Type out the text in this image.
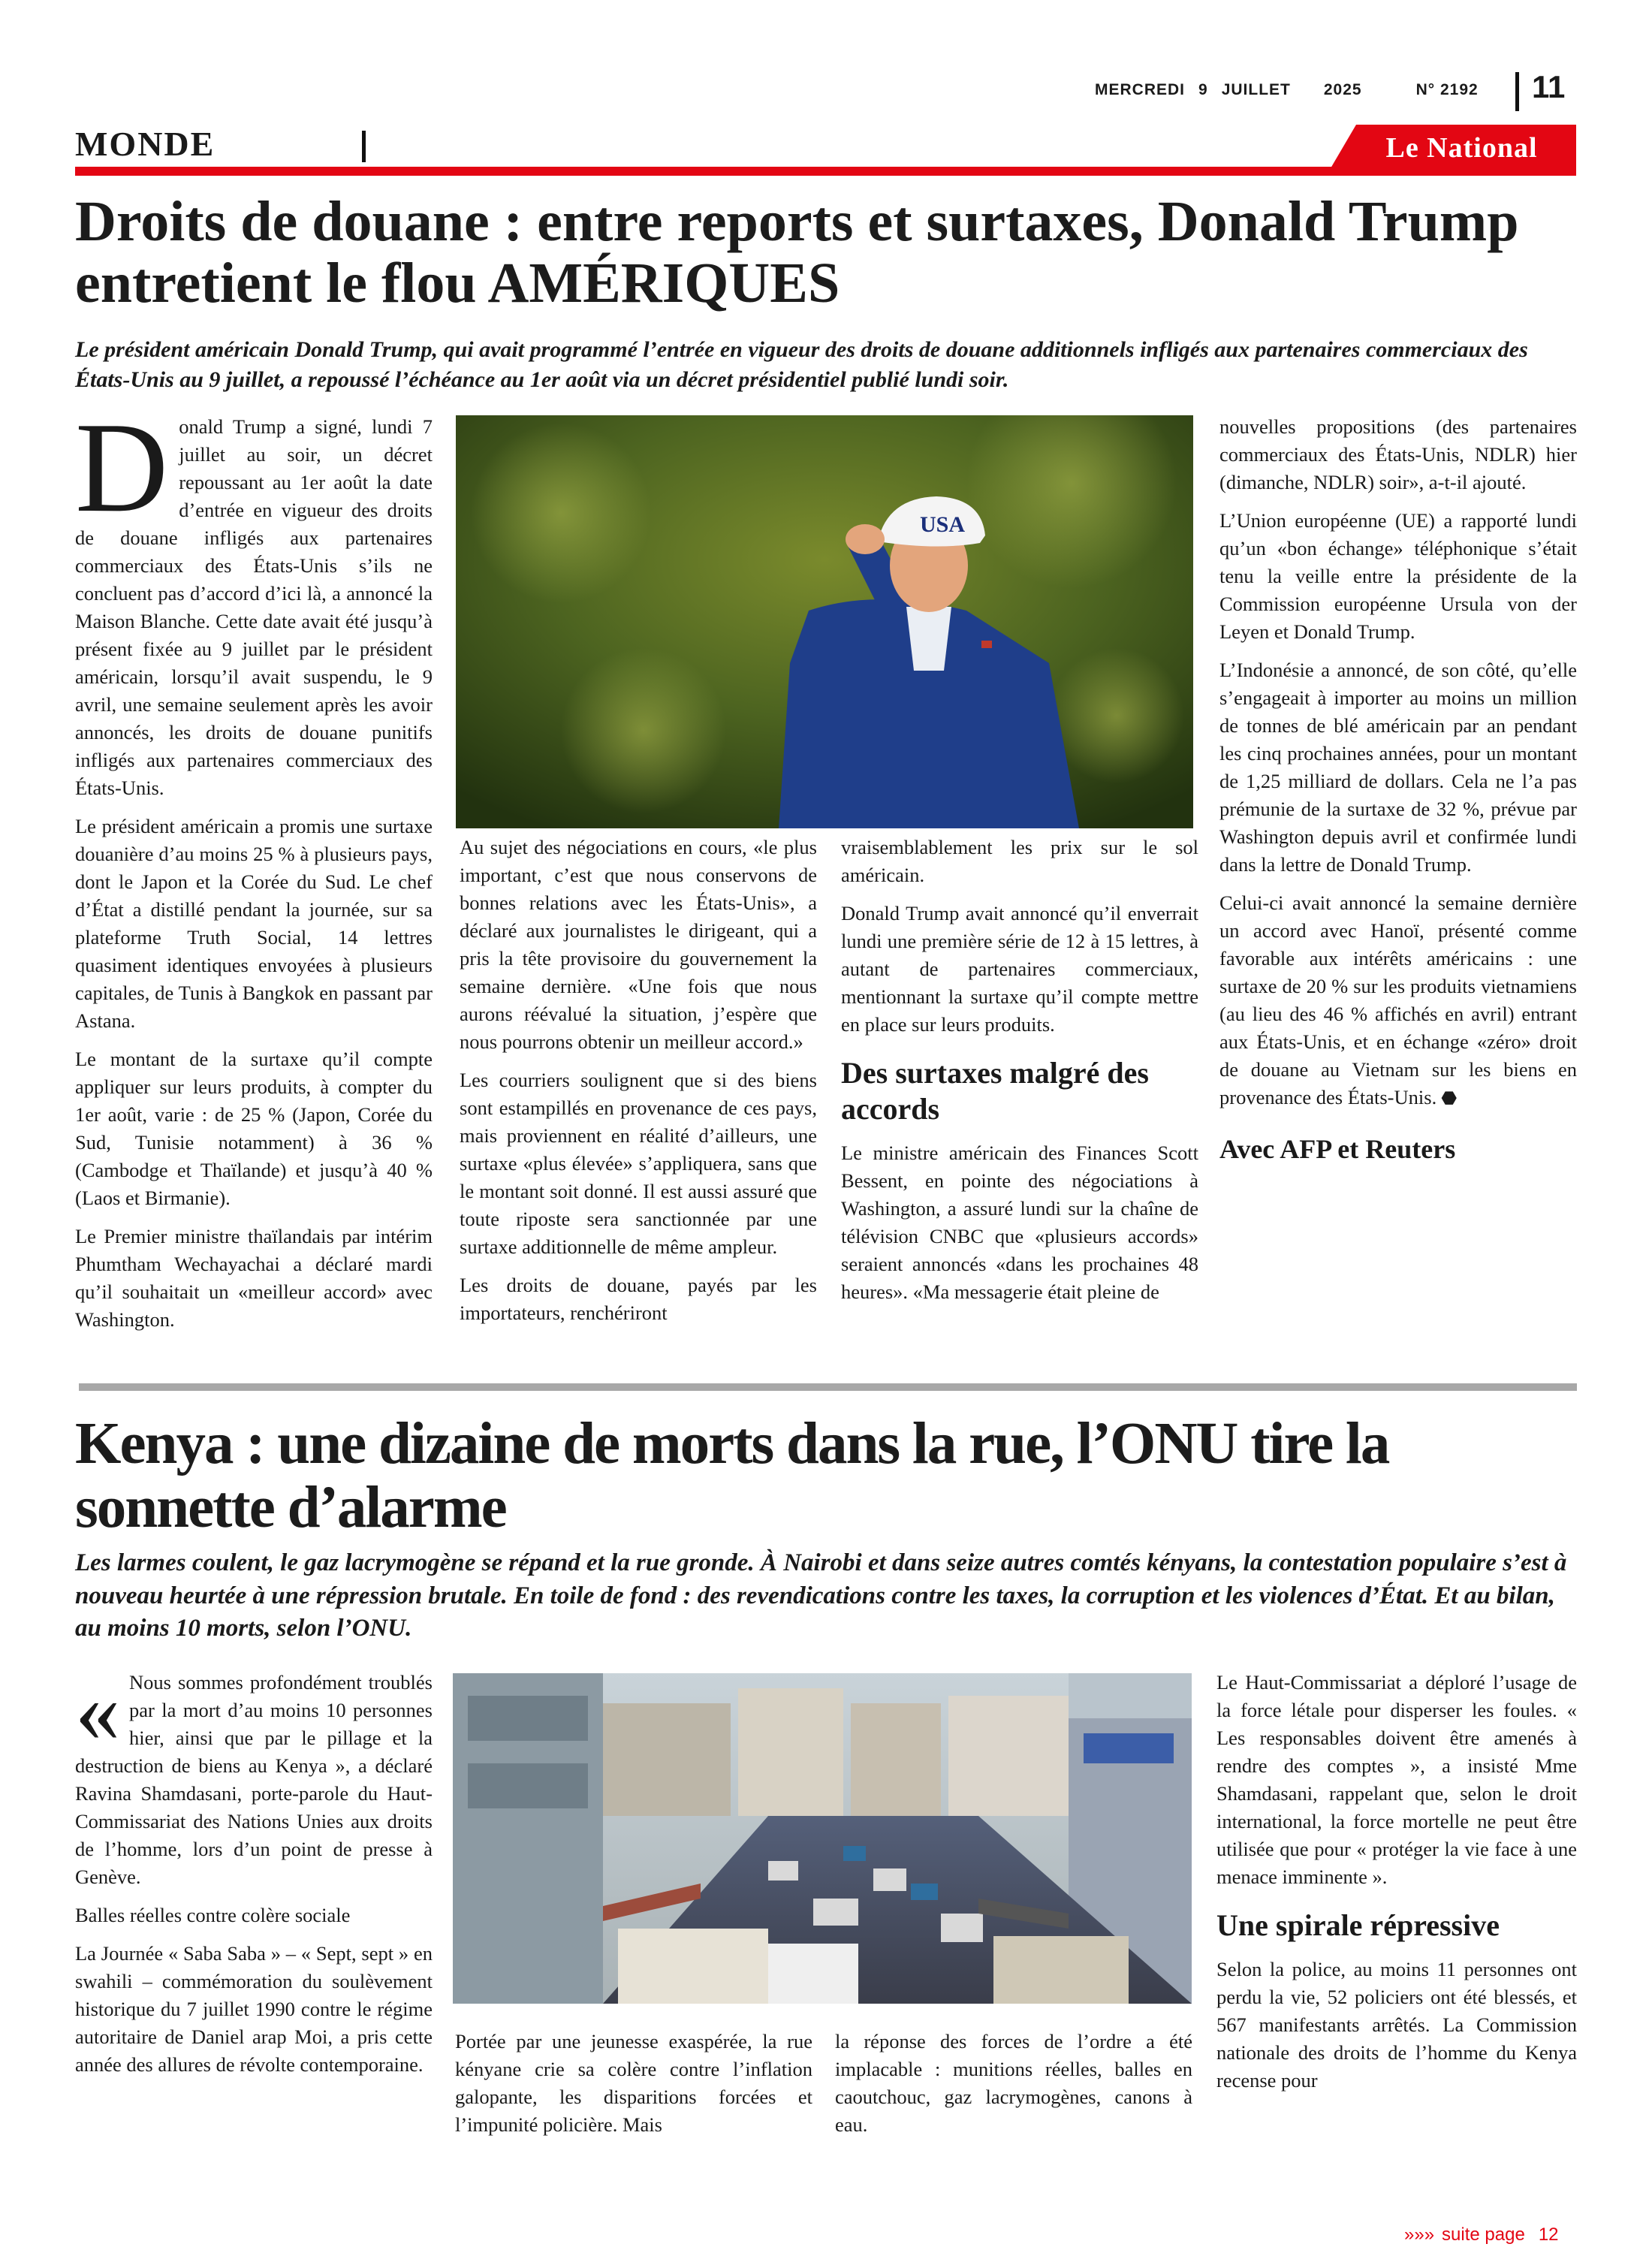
MERCREDI 9 JUILLET 2025	N° 2192 11
MONDE	Le National
Droits de douane : entre reports et surtaxes, Donald Trump entretient le flou AMÉRIQUES
Le président américain Donald Trump, qui avait programmé l’entrée en vigueur des droits de douane additionnels infligés aux partenaires commerciaux des États-Unis au 9 juillet, a repoussé l’échéance au 1er août via un décret présidentiel publié lundi soir.

Donald Trump a signé, lundi 7 juillet au soir, un décret repoussant au 1er août la date d’entrée en vigueur des droits de douane infligés aux partenaires commerciaux des États-Unis s’ils ne concluent pas d’accord d’ici là, a annoncé la Maison Blanche. Cette date avait été jusqu’à présent fixée au 9 juillet par le président américain, lorsqu’il avait suspendu, le 9 avril, une semaine seulement après les avoir annoncés, les droits de douane punitifs infligés aux partenaires commerciaux des États-Unis.

Le président américain a promis une surtaxe douanière d’au moins 25 % à plusieurs pays, dont le Japon et la Corée du Sud. Le chef d’État a distillé pendant la journée, sur sa plateforme Truth Social, 14 lettres quasiment identiques envoyées à plusieurs capitales, de Tunis à Bangkok en passant par Astana.

Le montant de la surtaxe qu’il compte appliquer sur leurs produits, à compter du 1er août, varie : de 25 % (Japon, Corée du Sud, Tunisie notamment) à 36 % (Cambodge et Thaïlande) et jusqu’à 40 % (Laos et Birmanie).

Le Premier ministre thaïlandais par intérim Phumtham Wechayachai a déclaré mardi qu’il souhaitait un «meilleur accord» avec Washington.

USA

Au sujet des négociations en cours, «le plus important, c’est que nous conservons de bonnes relations avec les États-Unis», a déclaré aux journalistes le dirigeant, qui a pris la tête provisoire du gouvernement la semaine dernière. «Une fois que nous aurons réévalué la situation, j’espère que nous pourrons obtenir un meilleur accord.»

Les courriers soulignent que si des biens sont estampillés en provenance de ces pays, mais proviennent en réalité d’ailleurs, une surtaxe «plus élevée» s’appliquera, sans que le montant soit donné. Il est aussi assuré que toute riposte sera sanctionnée par une surtaxe additionnelle de même ampleur.

Les droits de douane, payés par les importateurs, renchériront

vraisemblablement les prix sur le sol américain.

Donald Trump avait annoncé qu’il enverrait lundi une première série de 12 à 15 lettres, à autant de partenaires commerciaux, mentionnant la surtaxe qu’il compte mettre en place sur leurs produits.

Des surtaxes malgré des accords

Le ministre américain des Finances Scott Bessent, en pointe des négociations à Washington, a assuré lundi sur la chaîne de télévision CNBC que «plusieurs accords» seraient annoncés «dans les prochaines 48 heures». «Ma messagerie était pleine de

nouvelles propositions (des partenaires commerciaux des États-Unis, NDLR) hier (dimanche, NDLR) soir», a-t-il ajouté.

L’Union européenne (UE) a rapporté lundi qu’un «bon échange» téléphonique s’était tenu la veille entre la présidente de la Commission européenne Ursula von der Leyen et Donald Trump.

L’Indonésie a annoncé, de son côté, qu’elle s’engageait à importer au moins un million de tonnes de blé américain par an pendant les cinq prochaines années, pour un montant de 1,25 milliard de dollars. Cela ne l’a pas prémunie de la surtaxe de 32 %, prévue par Washington depuis avril et confirmée lundi dans la lettre de Donald Trump.

Celui-ci avait annoncé la semaine dernière un accord avec Hanoï, présenté comme favorable aux intérêts américains : une surtaxe de 20 % sur les produits vietnamiens (au lieu des 46 % affichés en avril) entrant aux États-Unis, et en échange «zéro» droit de douane au Vietnam sur les biens en provenance des États-Unis. ⬣

Avec AFP et Reuters
Kenya : une dizaine de morts dans la rue, l’ONU tire la sonnette d’alarme
Les larmes coulent, le gaz lacrymogène se répand et la rue gronde. À Nairobi et dans seize autres comtés kényans, la contestation populaire s’est à nouveau heurtée à une répression brutale. En toile de fond : des revendications contre les taxes, la corruption et les violences d’État. Et au bilan, au moins 10 morts, selon l’ONU.

« Nous sommes profondément troublés par la mort d’au moins 10 personnes hier, ainsi que par le pillage et la destruction de biens au Kenya », a déclaré Ravina Shamdasani, porte-parole du Haut-Commissariat des Nations Unies aux droits de l’homme, lors d’un point de presse à Genève.

Balles réelles contre colère sociale

La Journée « Saba Saba » – « Sept, sept » en swahili – commémoration du soulèvement historique du 7 juillet 1990 contre le régime autoritaire de Daniel arap Moi, a pris cette année des allures de révolte contemporaine.

Portée par une jeunesse exaspérée, la rue kényane crie sa colère contre l’inflation galopante, les disparitions forcées et l’impunité policière. Mais

la réponse des forces de l’ordre a été implacable : munitions réelles, balles en caoutchouc, gaz lacrymogènes, canons à eau.

Le Haut-Commissariat a déploré l’usage de la force létale pour disperser les foules. « Les responsables doivent être amenés à rendre des comptes », a insisté Mme Shamdasani, rappelant que, selon le droit international, la force mortelle ne peut être utilisée que pour « protéger la vie face à une menace imminente ».

Une spirale répressive

Selon la police, au moins 11 personnes ont perdu la vie, 52 policiers ont été blessés, et 567 manifestants arrêtés. La Commission nationale des droits de l’homme du Kenya recense pour

»»» suite page 12
